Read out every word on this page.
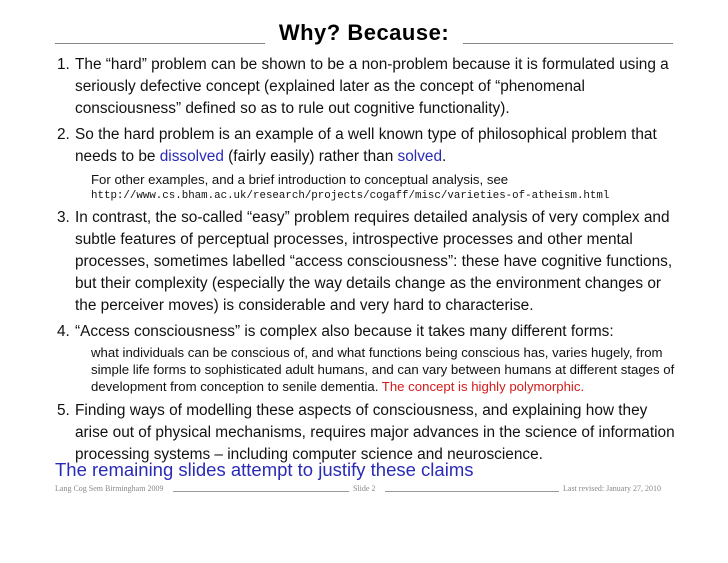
Why? Because:
1. The “hard” problem can be shown to be a non-problem because it is formulated using a seriously defective concept (explained later as the concept of “phenomenal consciousness” defined so as to rule out cognitive functionality).
2. So the hard problem is an example of a well known type of philosophical problem that needs to be dissolved (fairly easily) rather than solved.
For other examples, and a brief introduction to conceptual analysis, see
http://www.cs.bham.ac.uk/research/projects/cogaff/misc/varieties-of-atheism.html
3. In contrast, the so-called “easy” problem requires detailed analysis of very complex and subtle features of perceptual processes, introspective processes and other mental processes, sometimes labelled “access consciousness”: these have cognitive functions, but their complexity (especially the way details change as the environment changes or the perceiver moves) is considerable and very hard to characterise.
4. “Access consciousness” is complex also because it takes many different forms:
what individuals can be conscious of, and what functions being conscious has, varies hugely, from simple life forms to sophisticated adult humans, and can vary between humans at different stages of development from conception to senile dementia. The concept is highly polymorphic.
5. Finding ways of modelling these aspects of consciousness, and explaining how they arise out of physical mechanisms, requires major advances in the science of information processing systems – including computer science and neuroscience.
The remaining slides attempt to justify these claims
Lang Cog Sem Birmingham 2009	Slide 2	Last revised: January 27, 2010
